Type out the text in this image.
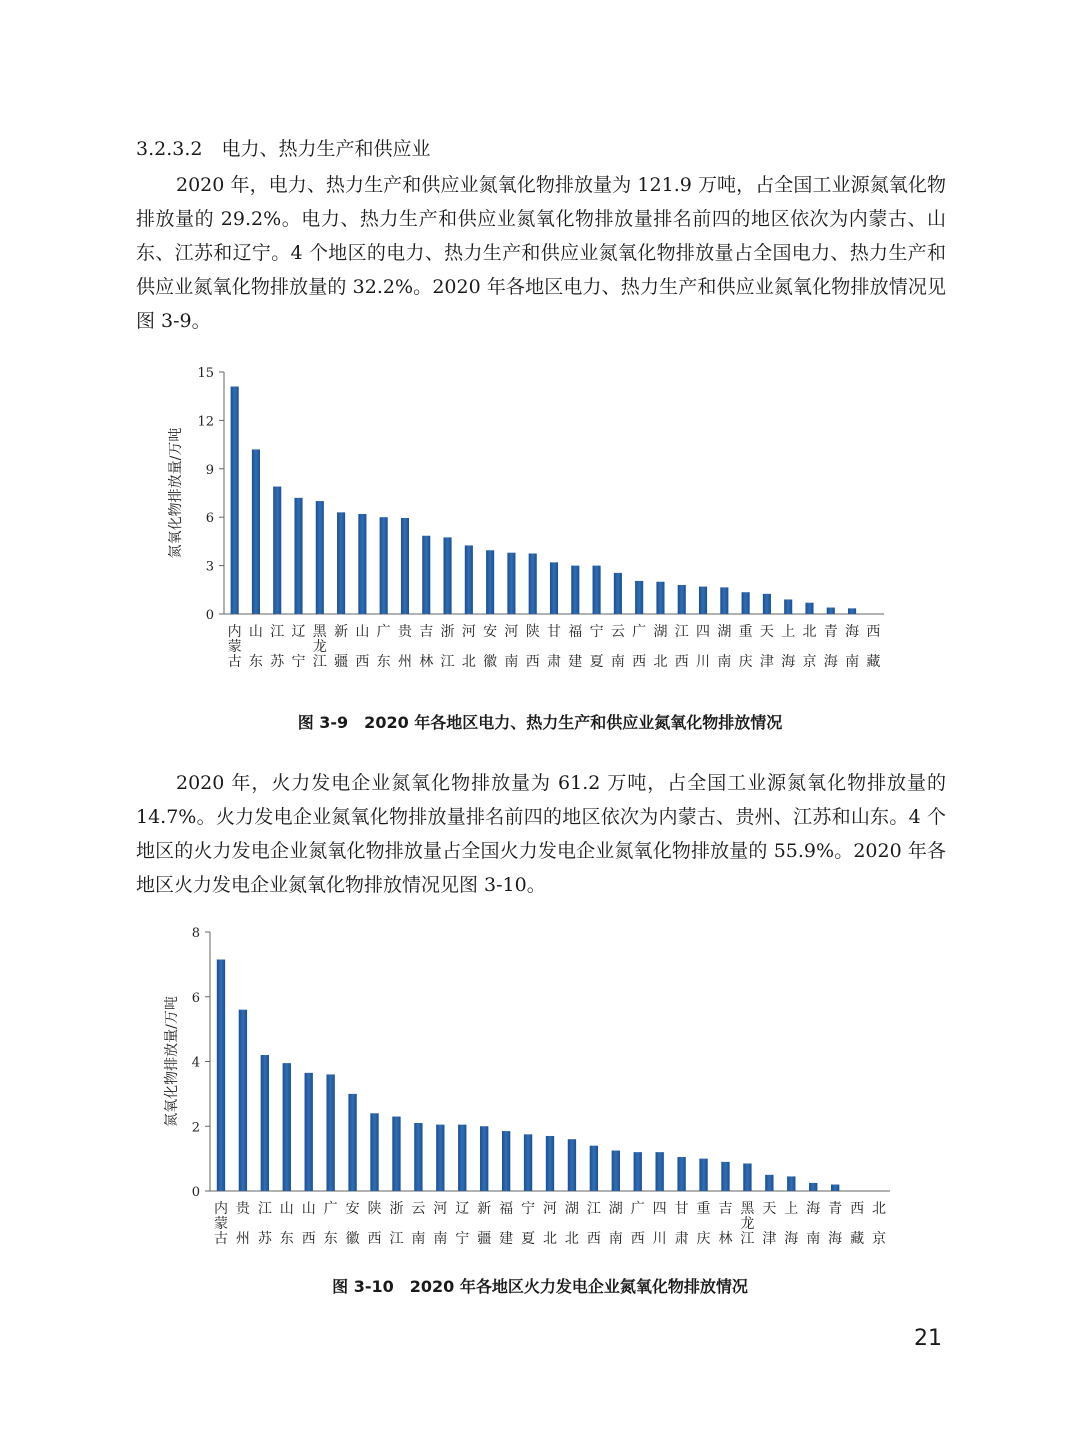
3.2.3.2　电力、热力生产和供应业

2020 年，电力、热力生产和供应业氮氧化物排放量为 121.9 万吨，占全国工业源氮氧化物排放量的 29.2%。电力、热力生产和供应业氮氧化物排放量排名前四的地区依次为内蒙古、山东、江苏和辽宁。4 个地区的电力、热力生产和供应业氮氧化物排放量占全国电力、热力生产和供应业氮氧化物排放量的 32.2%。2020 年各地区电力、热力生产和供应业氮氧化物排放情况见图 3-9。

0
3
6
9
12
15
氮氧化物排放量/万吨
内蒙古
山东
江苏
辽宁
黑龙江
新疆
山西
广东
贵州
吉林
浙江
河北
安徽
河南
陕西
甘肃
福建
宁夏
云南
广西
湖北
江西
四川
湖南
重庆
天津
上海
北京
青海
海南
西藏
图 3-9　2020 年各地区电力、热力生产和供应业氮氧化物排放情况

2020 年，火力发电企业氮氧化物排放量为 61.2 万吨，占全国工业源氮氧化物排放量的 14.7%。火力发电企业氮氧化物排放量排名前四的地区依次为内蒙古、贵州、江苏和山东。4 个地区的火力发电企业氮氧化物排放量占全国火力发电企业氮氧化物排放量的 55.9%。2020 年各地区火力发电企业氮氧化物排放情况见图 3-10。

0
2
4
6
8
氮氧化物排放量/万吨
内蒙古
贵州
江苏
山东
山西
广东
安徽
陕西
浙江
云南
河南
辽宁
新疆
福建
宁夏
河北
湖北
江西
湖南
广西
四川
甘肃
重庆
吉林
黑龙江
天津
上海
海南
青海
西藏
北京
图 3-10　2020 年各地区火力发电企业氮氧化物排放情况
21
